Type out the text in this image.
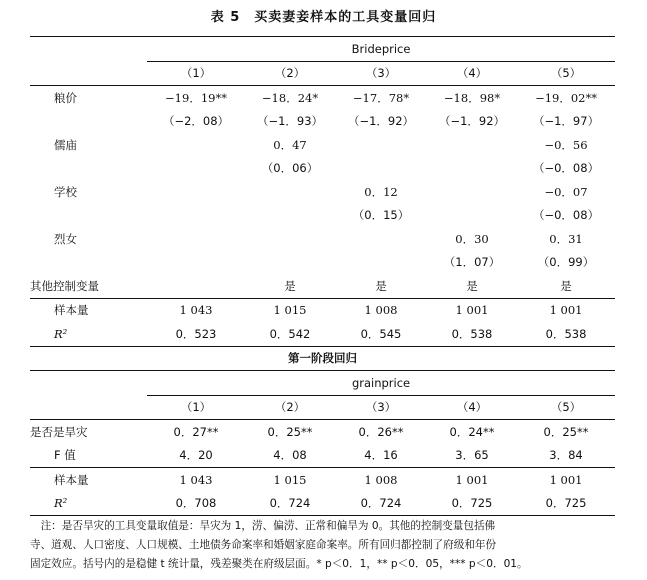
表 5　买卖妻妾样本的工具变量回归
	Brideprice				
	（1）	（2）	（3）	（4）	（5）
粮价	−19．19**	−18．24*	−17．78*	−18．98*	−19．02**
	（−2．08）	（−1．93）	（−1．92）	（−1．92）	（−1．97）
儒庙		0．47			−0．56
		（0．06）			（−0．08）
学校			0．12		−0．07
			（0．15）		（−0．08）
烈女				0．30	0．31
				（1．07）	（0．99）
其他控制变量		是	是	是	是
样本量	1 043	1 015	1 008	1 001	1 001
R²	0．523	0．542	0．545	0．538	0．538
第一阶段回归					
	grainprice				
	（1）	（2）	（3）	（4）	（5）
是否是旱灾	0．27**	0．25**	0．26**	0．24**	0．25**
F 值	4．20	4．08	4．16	3．65	3．84
样本量	1 043	1 015	1 008	1 001	1 001
R²	0．708	0．724	0．724	0．725	0．725
注：是否旱灾的工具变量取值是：旱灾为 1，涝、偏涝、正常和偏旱为 0。其他的控制变量包括佛
寺、道观、人口密度、人口规模、土地债务命案率和婚姻家庭命案率。所有回归都控制了府级和年份
固定效应。括号内的是稳健 t 统计量，残差聚类在府级层面。* p＜0．1，** p＜0．05，*** p＜0．01。
